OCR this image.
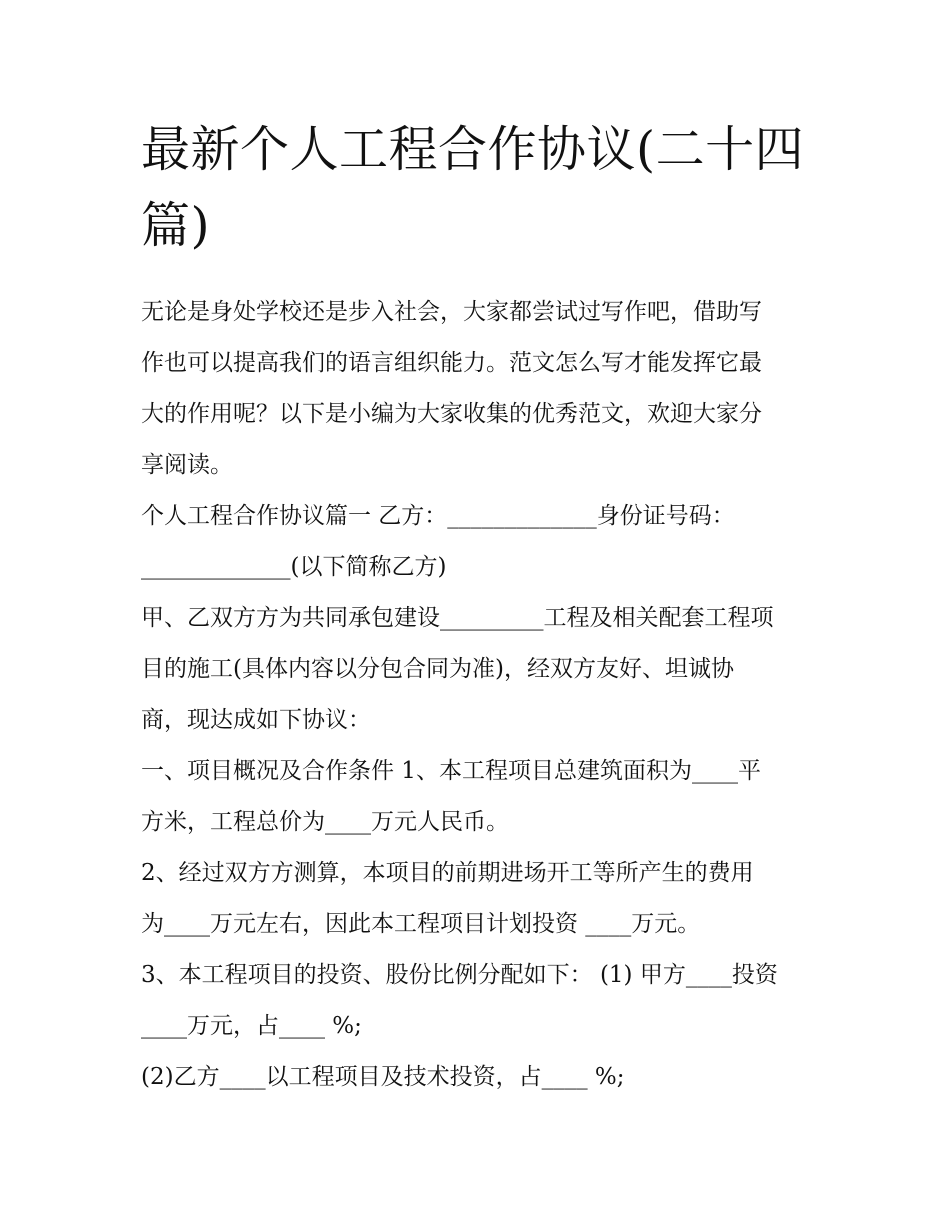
最新个人工程合作协议(二十四
篇)

无论是身处学校还是步入社会，大家都尝试过写作吧，借助写
作也可以提高我们的语言组织能力。范文怎么写才能发挥它最
大的作用呢？以下是小编为大家收集的优秀范文，欢迎大家分
享阅读。

个人工程合作协议篇一 乙方：_____________身份证号码：
_____________(以下简称乙方)

甲、乙双方方为共同承包建设_________工程及相关配套工程项
目的施工(具体内容以分包合同为准)，经双方友好、坦诚协
商，现达成如下协议：

一、项目概况及合作条件 1、本工程项目总建筑面积为____平
方米，工程总价为____万元人民币。

2、经过双方方测算，本项目的前期进场开工等所产生的费用
为____万元左右，因此本工程项目计划投资 ____万元。

3、本工程项目的投资、股份比例分配如下： (1) 甲方____投资
____万元，占____ %;

(2)乙方____以工程项目及技术投资，占____ %;
